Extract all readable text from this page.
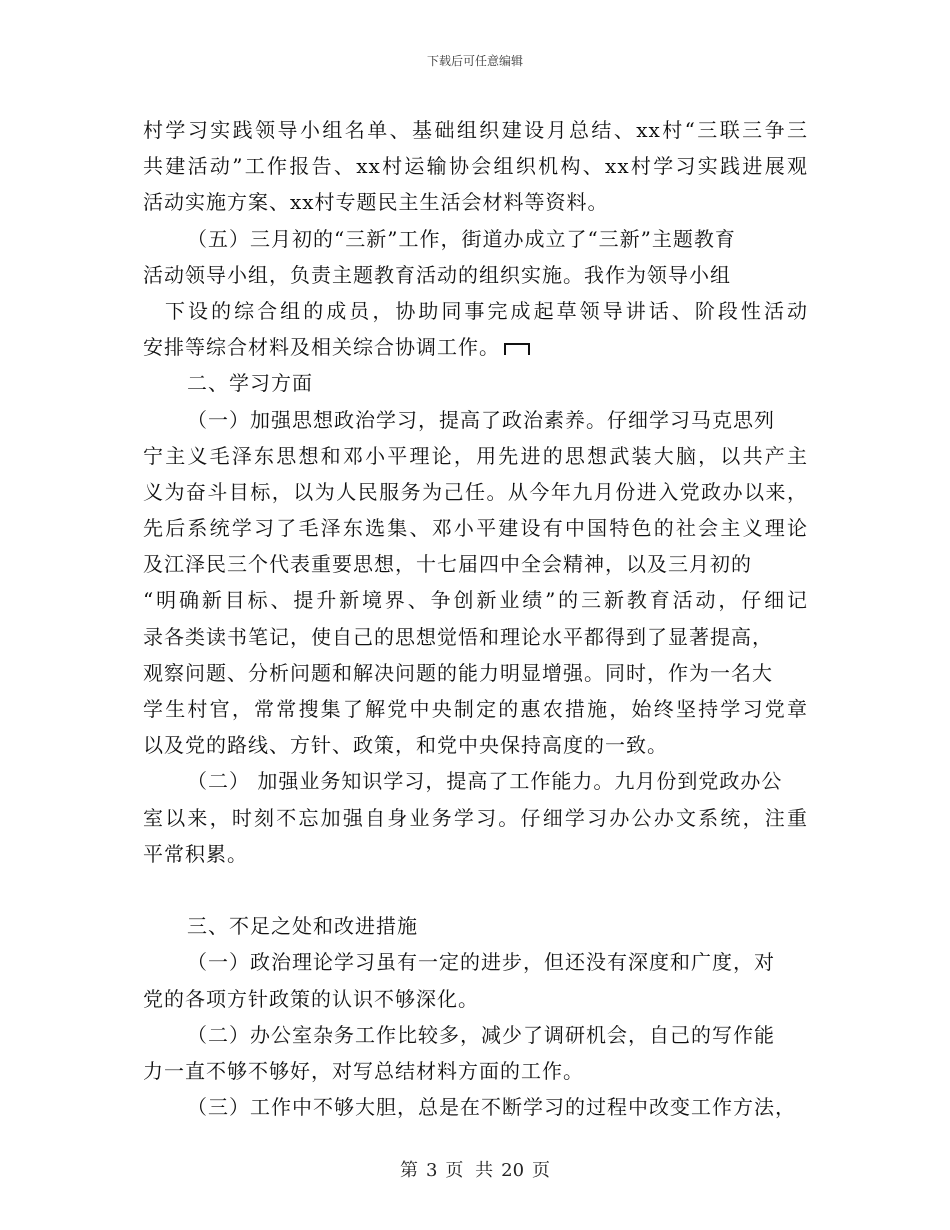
下载后可任意编辑
村学习实践领导小组名单、基础组织建设月总结、xx村“三联三争三
共建活动”工作报告、xx村运输协会组织机构、xx村学习实践进展观
活动实施方案、xx村专题民主生活会材料等资料。
（五）三月初的“三新”工作，街道办成立了“三新”主题教育
活动领导小组，负责主题教育活动的组织实施。我作为领导小组
下设的综合组的成员，协助同事完成起草领导讲话、阶段性活动
安排等综合材料及相关综合协调工作。
二、学习方面
（一）加强思想政治学习，提高了政治素养。仔细学习马克思列
宁主义毛泽东思想和邓小平理论，用先进的思想武装大脑，以共产主
义为奋斗目标，以为人民服务为己任。从今年九月份进入党政办以来，
先后系统学习了毛泽东选集、邓小平建设有中国特色的社会主义理论
及江泽民三个代表重要思想，十七届四中全会精神，以及三月初的
“明确新目标、提升新境界、争创新业绩”的三新教育活动，仔细记
录各类读书笔记，使自己的思想觉悟和理论水平都得到了显著提高，
观察问题、分析问题和解决问题的能力明显增强。同时，作为一名大
学生村官，常常搜集了解党中央制定的惠农措施，始终坚持学习党章
以及党的路线、方针、政策，和党中央保持高度的一致。
（二） 加强业务知识学习，提高了工作能力。九月份到党政办公
室以来，时刻不忘加强自身业务学习。仔细学习办公办文系统，注重
平常积累。
三、不足之处和改进措施
（一）政治理论学习虽有一定的进步，但还没有深度和广度，对
党的各项方针政策的认识不够深化。
（二）办公室杂务工作比较多，减少了调研机会，自己的写作能
力一直不够不够好，对写总结材料方面的工作。
（三）工作中不够大胆，总是在不断学习的过程中改变工作方法，
第 3 页 共 20 页
